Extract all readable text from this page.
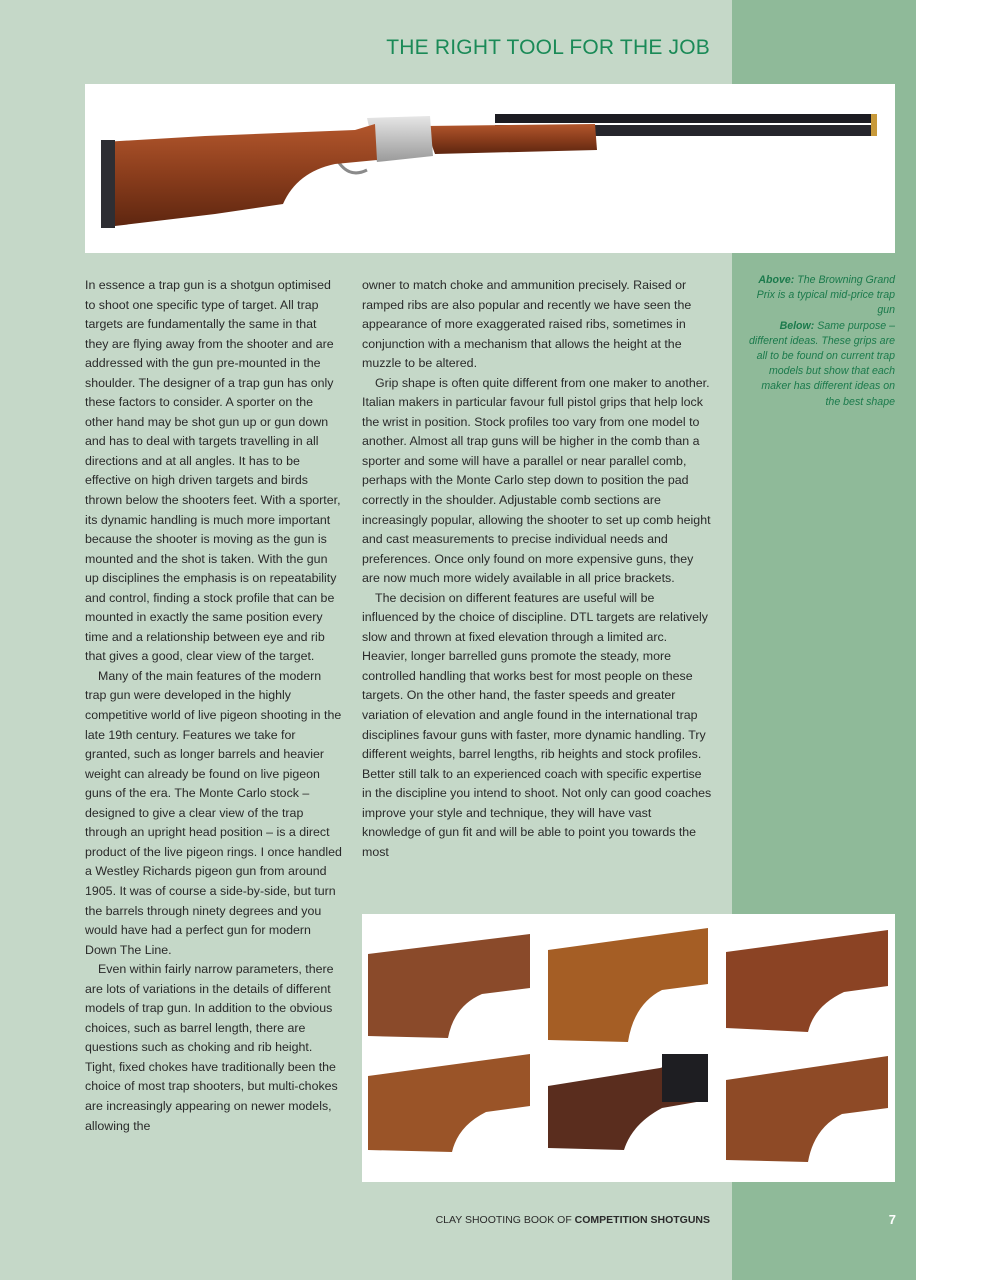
THE RIGHT TOOL FOR THE JOB

In essence a trap gun is a shotgun optimised to shoot one specific type of target. All trap targets are fundamentally the same in that they are flying away from the shooter and are addressed with the gun pre-mounted in the shoulder. The designer of a trap gun has only these factors to consider. A sporter on the other hand may be shot gun up or gun down and has to deal with targets travelling in all directions and at all angles. It has to be effective on high driven targets and birds thrown below the shooters feet. With a sporter, its dynamic handling is much more important because the shooter is moving as the gun is mounted and the shot is taken. With the gun up disciplines the emphasis is on repeatability and control, finding a stock profile that can be mounted in exactly the same position every time and a relationship between eye and rib that gives a good, clear view of the target.

Many of the main features of the modern trap gun were developed in the highly competitive world of live pigeon shooting in the late 19th century. Features we take for granted, such as longer barrels and heavier weight can already be found on live pigeon guns of the era. The Monte Carlo stock – designed to give a clear view of the trap through an upright head position – is a direct product of the live pigeon rings. I once handled a Westley Richards pigeon gun from around 1905. It was of course a side-by-side, but turn the barrels through ninety degrees and you would have had a perfect gun for modern Down The Line.

Even within fairly narrow parameters, there are lots of variations in the details of different models of trap gun. In addition to the obvious choices, such as barrel length, there are questions such as choking and rib height. Tight, fixed chokes have traditionally been the choice of most trap shooters, but multi-chokes are increasingly appearing on newer models, allowing the

owner to match choke and ammunition precisely. Raised or ramped ribs are also popular and recently we have seen the appearance of more exaggerated raised ribs, sometimes in conjunction with a mechanism that allows the height at the muzzle to be altered.

Grip shape is often quite different from one maker to another. Italian makers in particular favour full pistol grips that help lock the wrist in position. Stock profiles too vary from one model to another. Almost all trap guns will be higher in the comb than a sporter and some will have a parallel or near parallel comb, perhaps with the Monte Carlo step down to position the pad correctly in the shoulder. Adjustable comb sections are increasingly popular, allowing the shooter to set up comb height and cast measurements to precise individual needs and preferences. Once only found on more expensive guns, they are now much more widely available in all price brackets.

The decision on different features are useful will be influenced by the choice of discipline. DTL targets are relatively slow and thrown at fixed elevation through a limited arc. Heavier, longer barrelled guns promote the steady, more controlled handling that works best for most people on these targets. On the other hand, the faster speeds and greater variation of elevation and angle found in the international trap disciplines favour guns with faster, more dynamic handling. Try different weights, barrel lengths, rib heights and stock profiles. Better still talk to an experienced coach with specific expertise in the discipline you intend to shoot. Not only can good coaches improve your style and technique, they will have vast knowledge of gun fit and will be able to point you towards the most

Above: The Browning Grand Prix is a typical mid-price trap gun
Below: Same purpose – different ideas. These grips are all to be found on current trap models but show that each maker has different ideas on the best shape
CLAY SHOOTING BOOK OF COMPETITION SHOTGUNS	7
